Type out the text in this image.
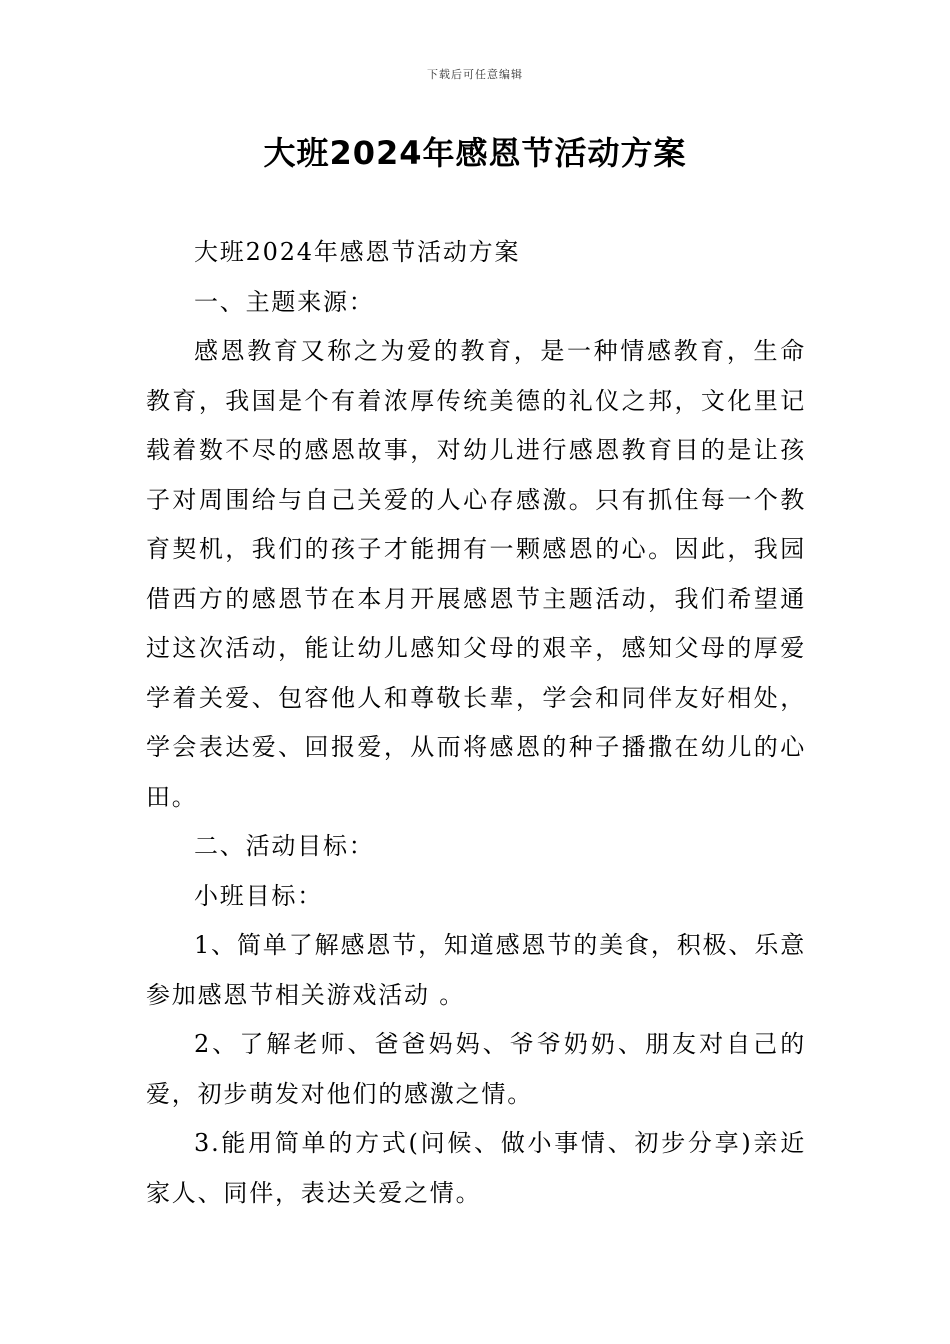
下载后可任意编辑
大班2024年感恩节活动方案

大班2024年感恩节活动方案

一、主题来源：

感恩教育又称之为爱的教育，是一种情感教育，生命教育，我国是个有着浓厚传统美德的礼仪之邦，文化里记载着数不尽的感恩故事，对幼儿进行感恩教育目的是让孩子对周围给与自己关爱的人心存感激。只有抓住每一个教育契机，我们的孩子才能拥有一颗感恩的心。因此，我园借西方的感恩节在本月开展感恩节主题活动，我们希望通过这次活动，能让幼儿感知父母的艰辛，感知父母的厚爱学着关爱、包容他人和尊敬长辈，学会和同伴友好相处，学会表达爱、回报爱，从而将感恩的种子播撒在幼儿的心田。

二、活动目标：

小班目标：

1、简单了解感恩节，知道感恩节的美食，积极、乐意参加感恩节相关游戏活动 。

2、了解老师、爸爸妈妈、爷爷奶奶、朋友对自己的爱，初步萌发对他们的感激之情。

3.能用简单的方式(问候、做小事情、初步分享)亲近家人、同伴，表达关爱之情。
